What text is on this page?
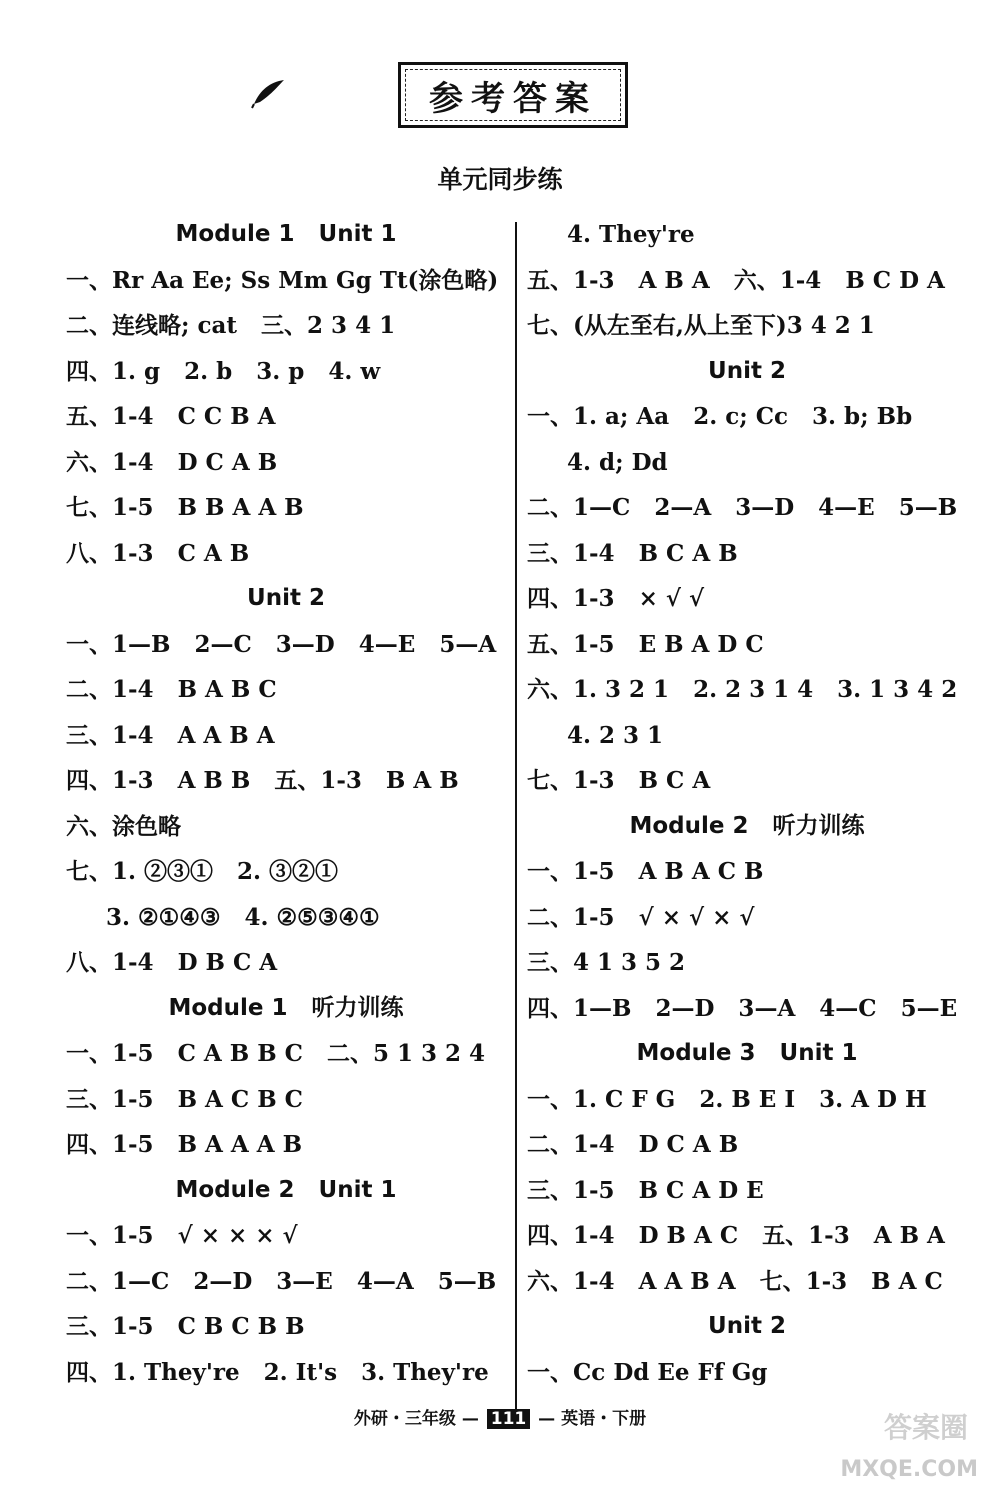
参考答案
单元同步练
Module 1   Unit 1
一、Rr Aa Ee; Ss Mm Gg Tt(涂色略)
二、连线略; cat   三、2 3 4 1
四、1. g   2. b   3. p   4. w
五、1-4   C C B A
六、1-4   D C A B
七、1-5   B B A A B
八、1-3   C A B
Unit 2
一、1—B   2—C   3—D   4—E   5—A
二、1-4   B A B C
三、1-4   A A B A
四、1-3   A B B   五、1-3   B A B
六、涂色略
七、1. ②③①   2. ③②①
3. ②①④③   4. ②⑤③④①
八、1-4   D B C A
Module 1   听力训练
一、1-5   C A B B C   二、5 1 3 2 4
三、1-5   B A C B C
四、1-5   B A A A B
Module 2   Unit 1
一、1-5   √ × × × √
二、1—C   2—D   3—E   4—A   5—B
三、1-5   C B C B B
四、1. They're   2. It's   3. They're
4. They're
五、1-3   A B A   六、1-4   B C D A
七、(从左至右,从上至下)3 4 2 1
Unit 2
一、1. a; Aa   2. c; Cc   3. b; Bb
4. d; Dd
二、1—C   2—A   3—D   4—E   5—B
三、1-4   B C A B
四、1-3   × √ √
五、1-5   E B A D C
六、1. 3 2 1   2. 2 3 1 4   3. 1 3 4 2
4. 2 3 1
七、1-3   B C A
Module 2   听力训练
一、1-5   A B A C B
二、1-5   √ × √ × √
三、4 1 3 5 2
四、1—B   2—D   3—A   4—C   5—E
Module 3   Unit 1
一、1. C F G   2. B E I   3. A D H
二、1-4   D C A B
三、1-5   B C A D E
四、1-4   D B A C   五、1-3   A B A
六、1-4   A A B A   七、1-3   B A C
Unit 2
一、Cc Dd Ee Ff Gg
外研・三年级 — 111 — 英语・下册	答案圈
MXQE.COM
